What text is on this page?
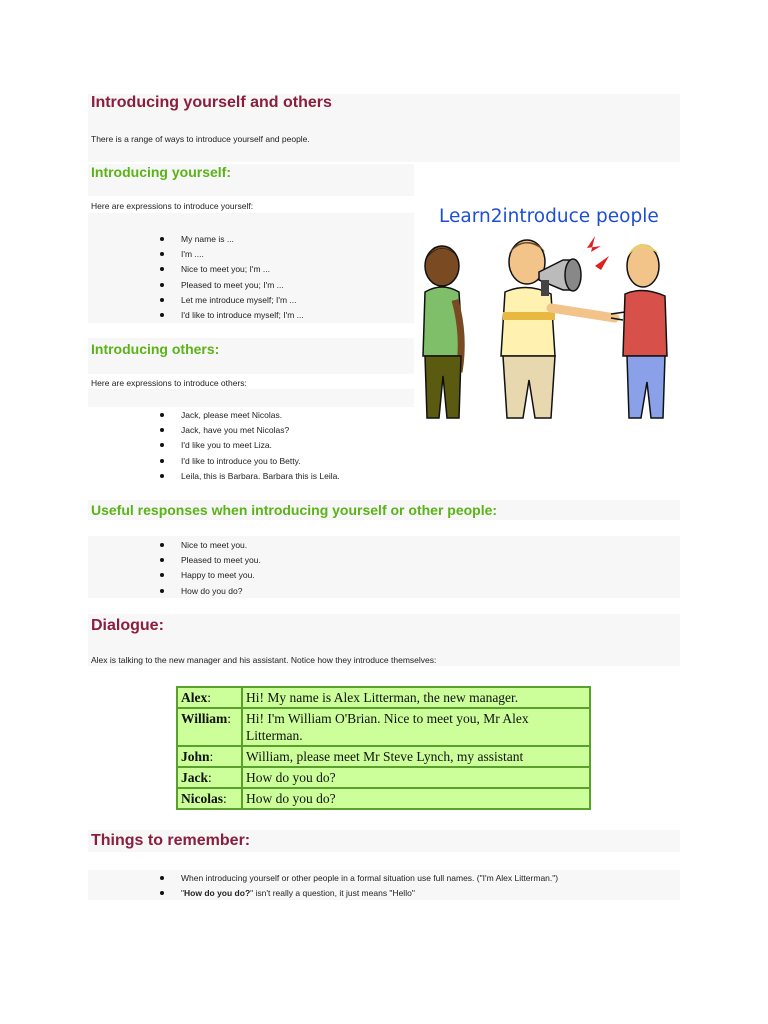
Introducing yourself and others

There is a range of ways to introduce yourself and people.

Introducing yourself:

Here are expressions to introduce yourself:

My name is ...
I'm ....
Nice to meet you; I'm ...
Pleased to meet you; I'm ...
Let me introduce myself; I'm ...
I'd like to introduce myself; I'm ...
Introducing others:

Here are expressions to introduce others:

Jack, please meet Nicolas.
Jack, have you met Nicolas?
I'd like you to meet Liza.
I'd like to introduce you to Betty.
Leila, this is Barbara. Barbara this is Leila.
Learn2introduce people
Useful responses when introducing yourself or other people:
Nice to meet you.
Pleased to meet you.
Happy to meet you.
How do you do?
Dialogue:

Alex is talking to the new manager and his assistant. Notice how they introduce themselves:

Alex:	Hi! My name is Alex Litterman, the new manager.
William:	Hi! I'm William O'Brian. Nice to meet you, Mr Alex Litterman.
John:	William, please meet Mr Steve Lynch, my assistant
Jack:	How do you do?
Nicolas:	How do you do?
Things to remember:
When introducing yourself or other people in a formal situation use full names. ("I'm Alex Litterman.")
"How do you do?" isn't really a question, it just means "Hello"
